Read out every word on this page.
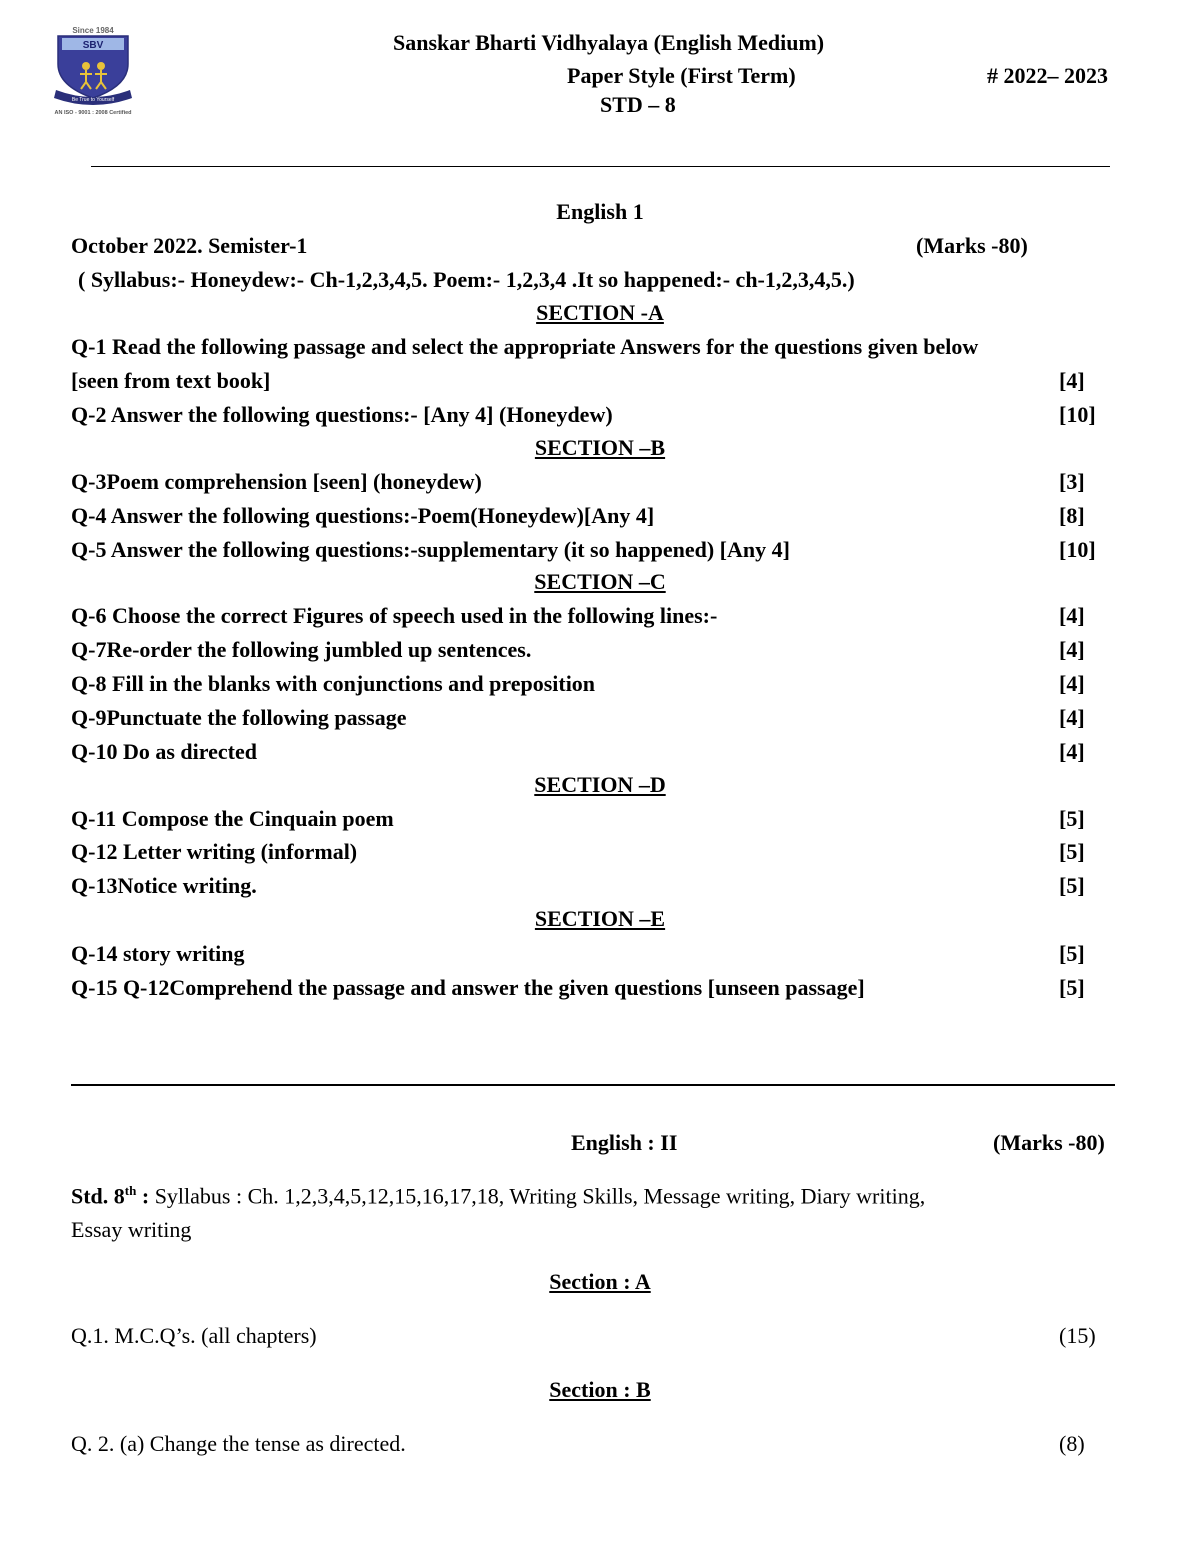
Since 1984
SBV
Be True to Yourself
AN ISO - 9001 : 2008 Certified
Sanskar Bharti Vidhyalaya (English Medium)
Paper Style (First Term)	# 2022– 2023
STD – 8
English 1
October 2022. Semister-1	(Marks -80)
( Syllabus:- Honeydew:- Ch-1,2,3,4,5. Poem:- 1,2,3,4 .It so happened:- ch-1,2,3,4,5.)
SECTION -A
Q-1 Read the following passage and select the appropriate Answers for the questions given below
[seen from text book]	[4]
Q-2 Answer the following questions:- [Any 4] (Honeydew)	[10]
SECTION –B
Q-3Poem comprehension [seen] (honeydew)	[3]
Q-4 Answer the following questions:-Poem(Honeydew)[Any 4]	[8]
Q-5 Answer the following questions:-supplementary (it so happened) [Any 4]	[10]
SECTION –C
Q-6 Choose the correct Figures of speech used in the following lines:-	[4]
Q-7Re-order the following jumbled up sentences.	[4]
Q-8 Fill in the blanks with conjunctions and preposition	[4]
Q-9Punctuate the following passage	[4]
Q-10 Do as directed	[4]
SECTION –D
Q-11 Compose the Cinquain poem	[5]
Q-12 Letter writing (informal)	[5]
Q-13Notice writing.	[5]
SECTION –E
Q-14 story writing	[5]
Q-15 Q-12Comprehend the passage and answer the given questions [unseen passage]	[5]
English : II	(Marks -80)
Std. 8th : Syllabus : Ch. 1,2,3,4,5,12,15,16,17,18, Writing Skills, Message writing, Diary writing,
Essay writing
Section : A
Q.1. M.C.Q’s. (all chapters)	(15)
Section : B
Q. 2. (a) Change the tense as directed.	(8)
